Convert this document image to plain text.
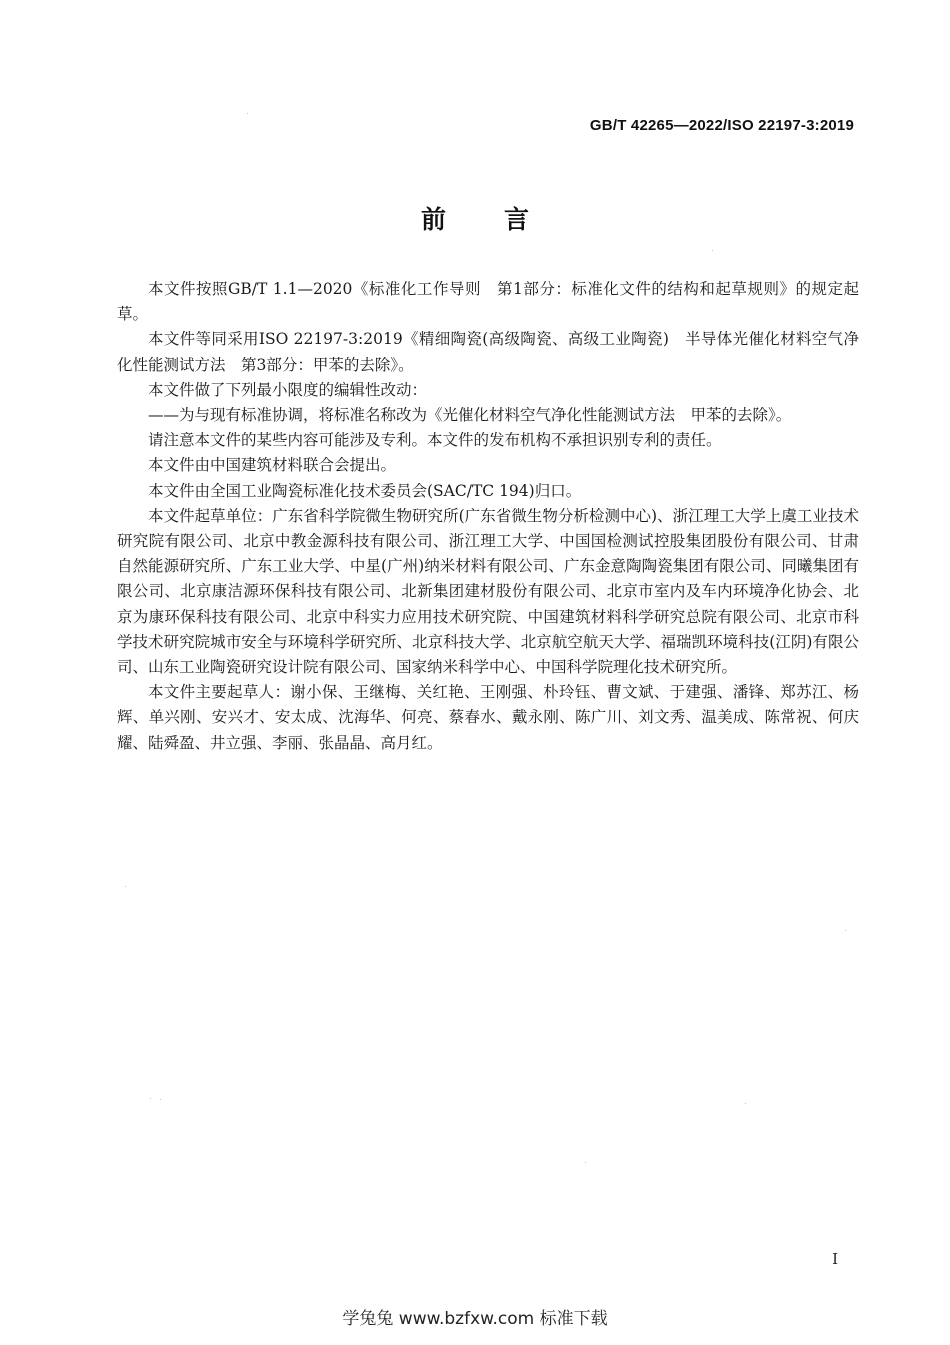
GB/T 42265—2022/ISO 22197-3:2019
前言

本文件按照GB/T 1.1—2020《标准化工作导则　第1部分：标准化文件的结构和起草规则》的规定起草。

本文件等同采用ISO 22197-3:2019《精细陶瓷(高级陶瓷、高级工业陶瓷)　半导体光催化材料空气净化性能测试方法　第3部分：甲苯的去除》。

本文件做了下列最小限度的编辑性改动：

——为与现有标准协调，将标准名称改为《光催化材料空气净化性能测试方法　甲苯的去除》。

请注意本文件的某些内容可能涉及专利。本文件的发布机构不承担识别专利的责任。

本文件由中国建筑材料联合会提出。

本文件由全国工业陶瓷标准化技术委员会(SAC/TC 194)归口。

本文件起草单位：广东省科学院微生物研究所(广东省微生物分析检测中心)、浙江理工大学上虞工业技术研究院有限公司、北京中教金源科技有限公司、浙江理工大学、中国国检测试控股集团股份有限公司、甘肃自然能源研究所、广东工业大学、中星(广州)纳米材料有限公司、广东金意陶陶瓷集团有限公司、同曦集团有限公司、北京康洁源环保科技有限公司、北新集团建材股份有限公司、北京市室内及车内环境净化协会、北京为康环保科技有限公司、北京中科实力应用技术研究院、中国建筑材料科学研究总院有限公司、北京市科学技术研究院城市安全与环境科学研究所、北京科技大学、北京航空航天大学、福瑞凯环境科技(江阴)有限公司、山东工业陶瓷研究设计院有限公司、国家纳米科学中心、中国科学院理化技术研究所。

本文件主要起草人：谢小保、王继梅、关红艳、王刚强、朴玲钰、曹文斌、于建强、潘锋、郑苏江、杨辉、单兴刚、安兴才、安太成、沈海华、何亮、蔡春水、戴永刚、陈广川、刘文秀、温美成、陈常祝、何庆耀、陆舜盈、井立强、李丽、张晶晶、高月红。

I
学兔兔 www.bzfxw.com 标准下载
